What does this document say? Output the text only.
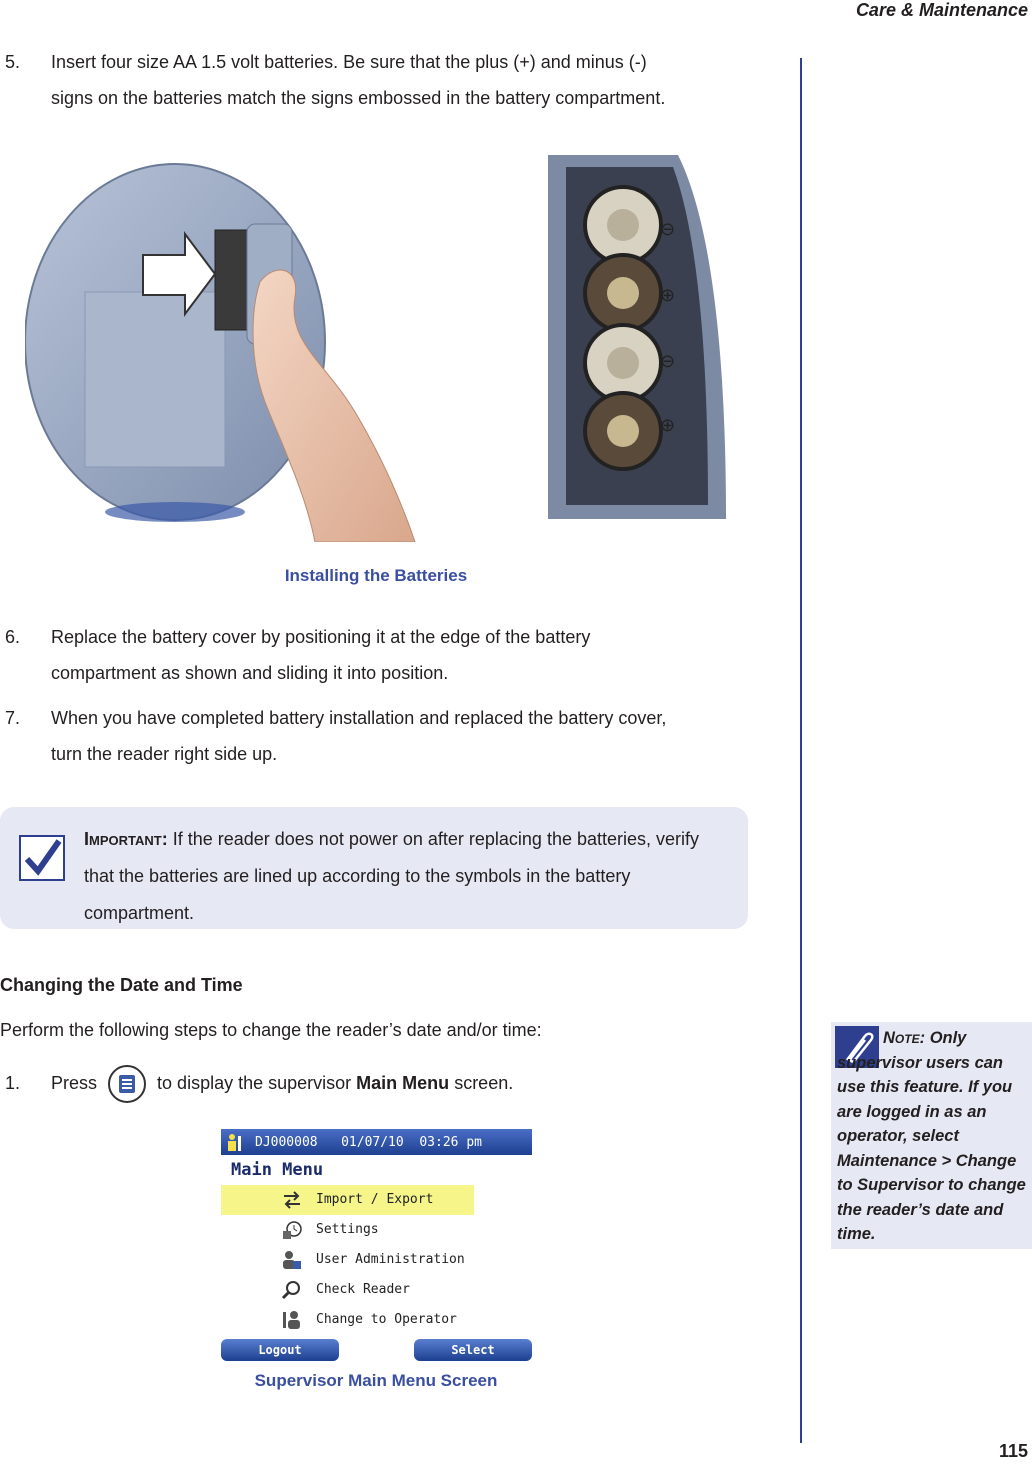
Care & Maintenance
5. Insert four size AA 1.5 volt batteries. Be sure that the plus (+) and minus (-)
signs on the batteries match the signs embossed in the battery compartment.
⊖
⊕
⊖
⊕
Installing the Batteries
6. Replace the battery cover by positioning it at the edge of the battery
compartment as shown and sliding it into position.
7. When you have completed battery installation and replaced the battery cover,
turn the reader right side up.
Important: If the reader does not power on after replacing the batteries, verify that the batteries are lined up according to the symbols in the battery compartment.
Changing the Date and Time
Perform the following steps to change the reader’s date and/or time:
1. Press	to display the supervisor Main Menu screen.
Note: Only supervisor users can use this feature. If you are logged in as an operator, select Maintenance > Change to Supervisor to change the reader’s date and time.
DJ000008   01/07/10  03:26 pm
Main Menu
Import / Export
Settings
User Administration
Check Reader
Change to Operator
Logout	Select
Supervisor Main Menu Screen
115
